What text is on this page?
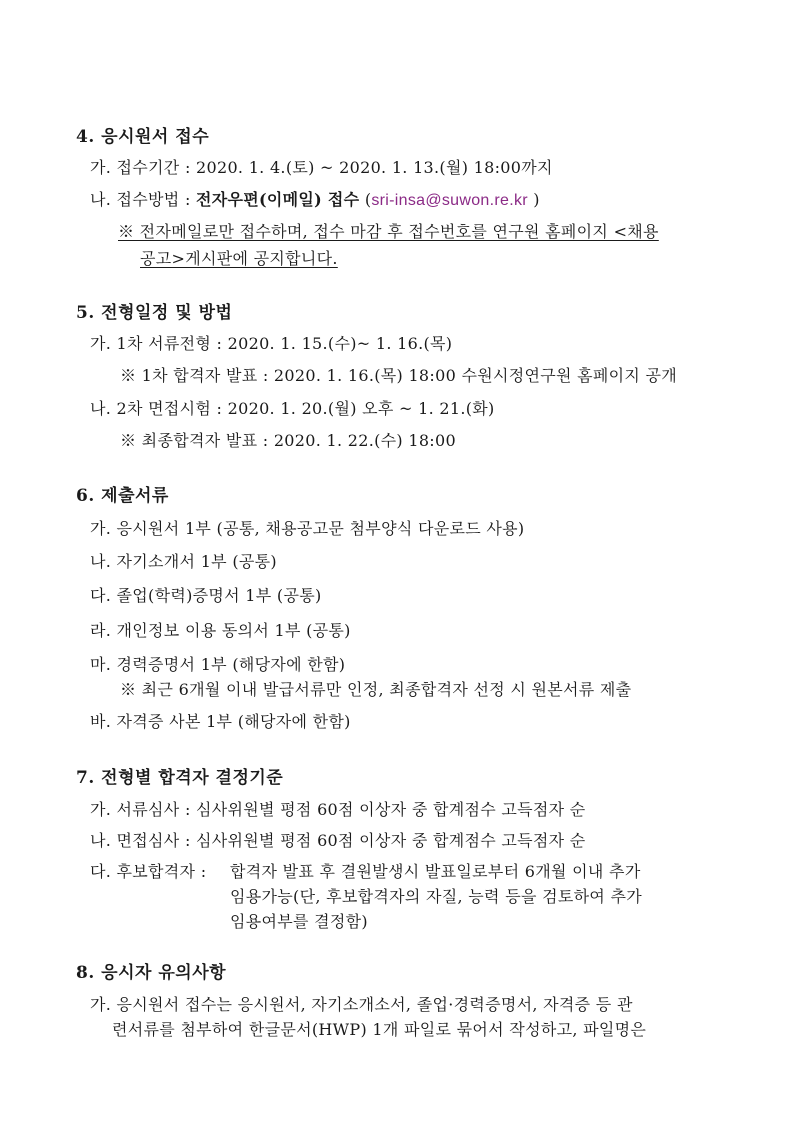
4. 응시원서 접수
가. 접수기간 : 2020. 1. 4.(토) ~ 2020. 1. 13.(월) 18:00까지
나. 접수방법 : 전자우편(이메일) 접수 (sri-insa@suwon.re.kr )
※ 전자메일로만 접수하며, 접수 마감 후 접수번호를 연구원 홈페이지 <채용
공고>게시판에 공지합니다.
5. 전형일정 및 방법
가. 1차 서류전형 : 2020. 1. 15.(수)~ 1. 16.(목)
※ 1차 합격자 발표 : 2020. 1. 16.(목) 18:00 수원시정연구원 홈페이지 공개
나. 2차 면접시험 : 2020. 1. 20.(월) 오후 ~ 1. 21.(화)
※ 최종합격자 발표 : 2020. 1. 22.(수) 18:00
6. 제출서류
가. 응시원서 1부 (공통, 채용공고문 첨부양식 다운로드 사용)
나. 자기소개서 1부 (공통)
다. 졸업(학력)증명서 1부 (공통)
라. 개인정보 이용 동의서 1부 (공통)
마. 경력증명서 1부 (해당자에 한함)
※ 최근 6개월 이내 발급서류만 인정, 최종합격자 선정 시 원본서류 제출
바. 자격증 사본 1부 (해당자에 한함)
7. 전형별 합격자 결정기준
가. 서류심사 : 심사위원별 평점 60점 이상자 중 합계점수 고득점자 순
나. 면접심사 : 심사위원별 평점 60점 이상자 중 합계점수 고득점자 순
다. 후보합격자 : 합격자 발표 후 결원발생시 발표일로부터 6개월 이내 추가
임용가능(단, 후보합격자의 자질, 능력 등을 검토하여 추가
임용여부를 결정함)
8. 응시자 유의사항
가. 응시원서 접수는 응시원서, 자기소개소서, 졸업·경력증명서, 자격증 등 관
련서류를 첨부하여 한글문서(HWP) 1개 파일로 묶어서 작성하고, 파일명은
